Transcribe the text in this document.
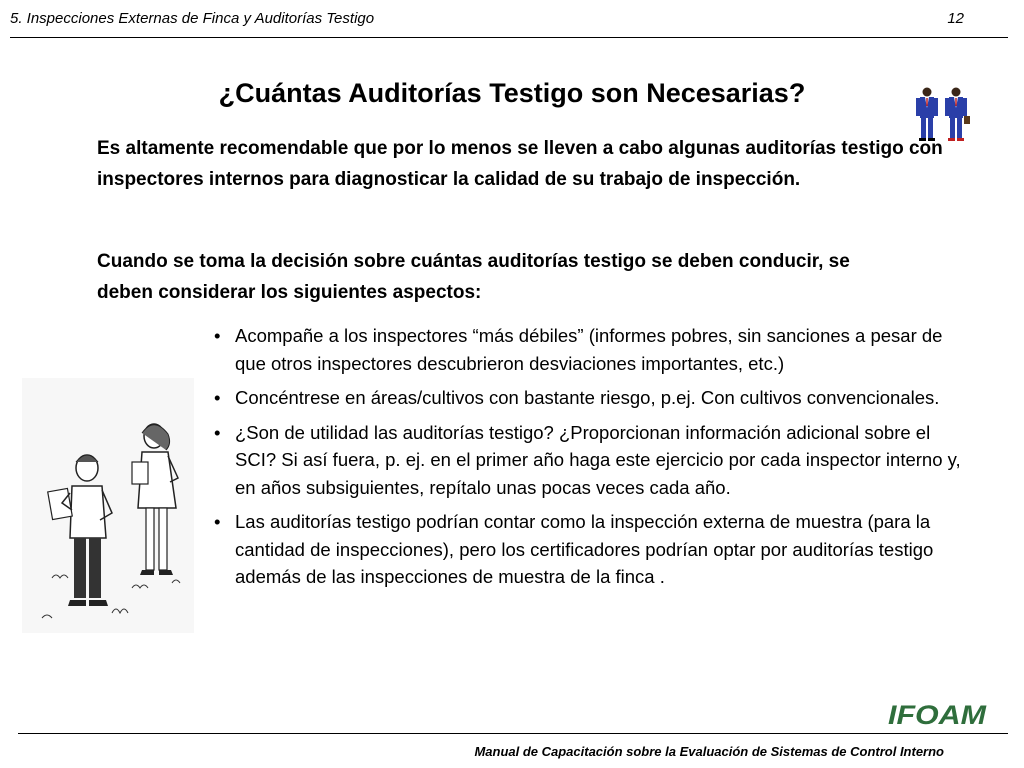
5. Inspecciones Externas de Finca y Auditorías Testigo	12
¿Cuántas Auditorías Testigo son Necesarias?
Es altamente recomendable que por lo menos se lleven a cabo algunas auditorías testigo con inspectores internos para diagnosticar la calidad de su trabajo de inspección.
Cuando se toma la decisión sobre cuántas auditorías testigo se deben conducir, se deben considerar los siguientes aspectos:
• Acompañe a los inspectores “más débiles” (informes pobres, sin sanciones a pesar de que otros inspectores descubrieron desviaciones importantes, etc.)
• Concéntrese en áreas/cultivos con bastante riesgo, p.ej. Con cultivos convencionales.
• ¿Son de utilidad las auditorías testigo? ¿Proporcionan información adicional sobre el SCI? Si así fuera, p. ej. en el primer año haga este ejercicio por cada inspector interno y, en años subsiguientes, repítalo unas pocas veces cada año.
• Las auditorías testigo podrían contar como la inspección externa de muestra (para la cantidad de inspecciones), pero los certificadores podrían optar por auditorías testigo además de las inspecciones de muestra de la finca .
IFOAM
Manual de Capacitación sobre la Evaluación de Sistemas de Control Interno
